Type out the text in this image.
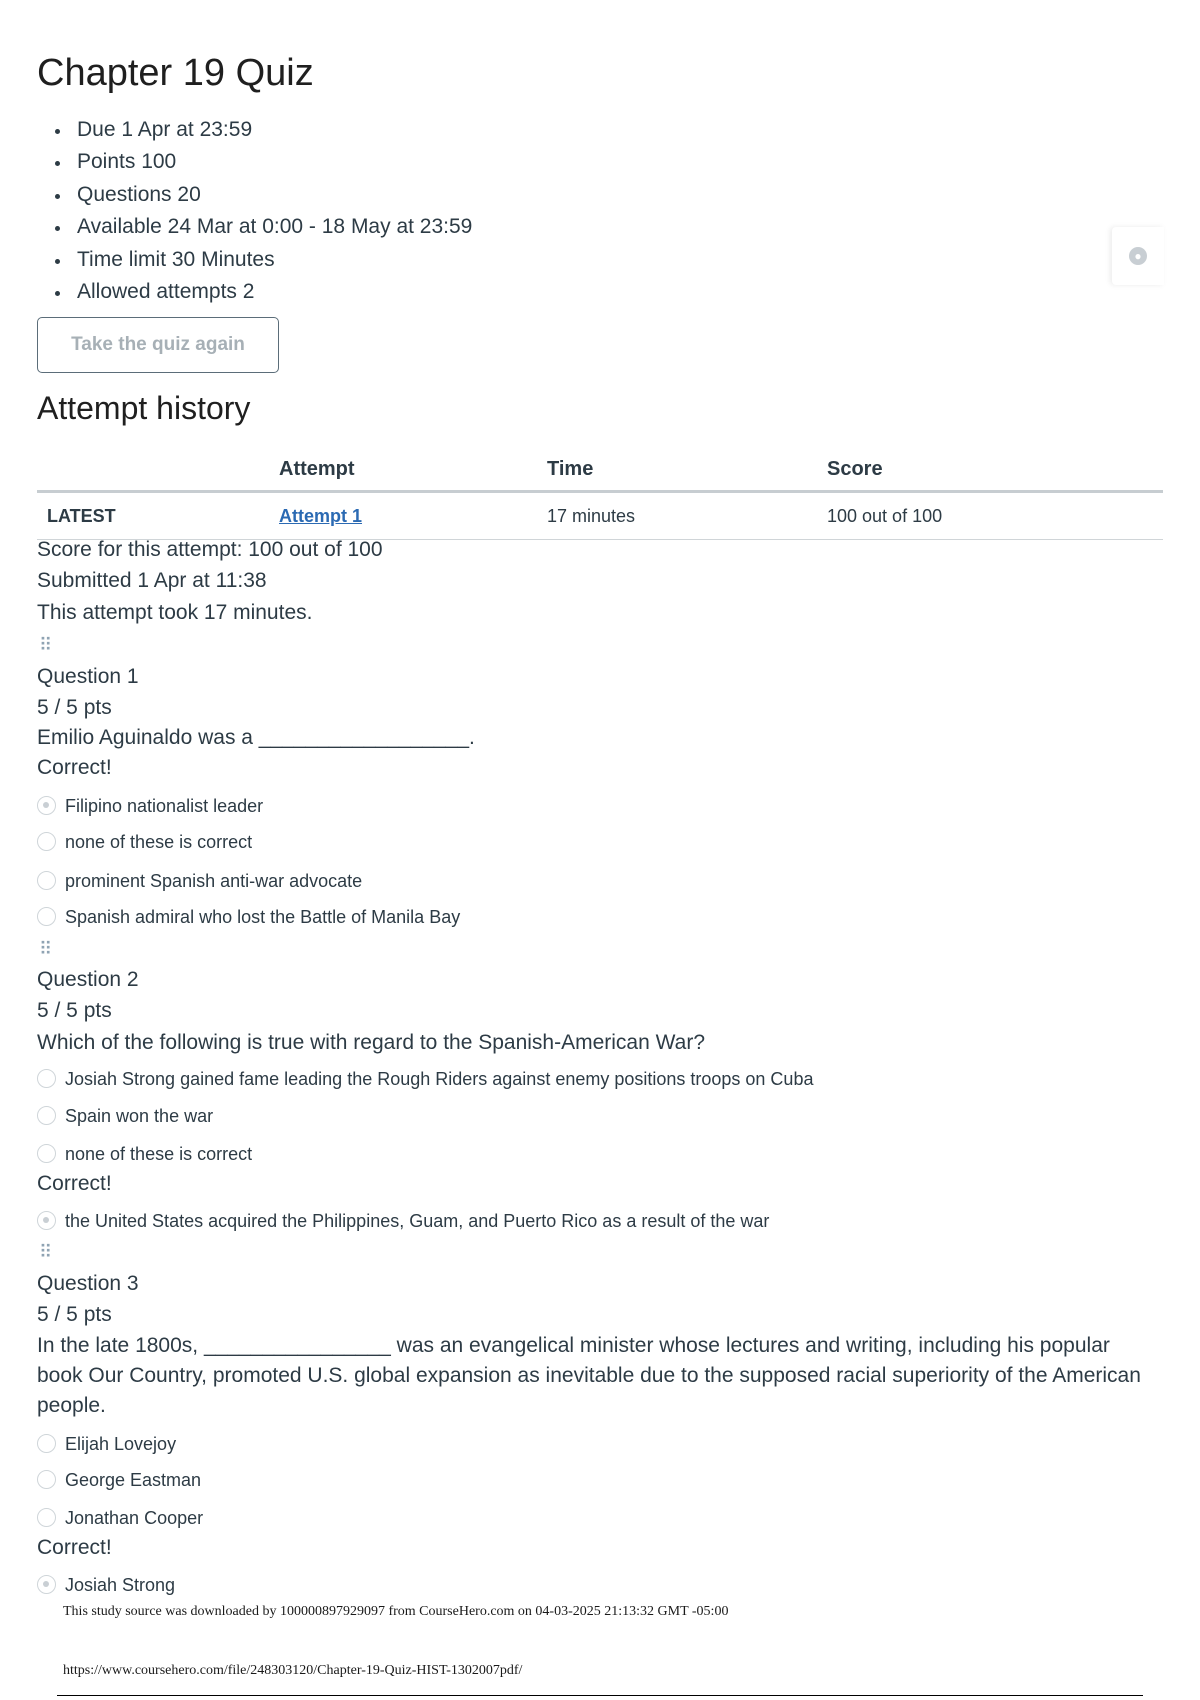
Chapter 19 Quiz
Due 1 Apr at 23:59
Points 100
Questions 20
Available 24 Mar at 0:00 - 18 May at 23:59
Time limit 30 Minutes
Allowed attempts 2
Take the quiz again
Attempt history
	Attempt	Time	Score
LATEST	Attempt 1	17 minutes	100 out of 100
Score for this attempt: 100 out of 100
Submitted 1 Apr at 11:38
This attempt took 17 minutes.
⠿
Question 1
5 / 5 pts
Emilio Aguinaldo was a __________________.
Correct!
Filipino nationalist leader
none of these is correct
prominent Spanish anti-war advocate
Spanish admiral who lost the Battle of Manila Bay
⠿
Question 2
5 / 5 pts
Which of the following is true with regard to the Spanish-American War?
Josiah Strong gained fame leading the Rough Riders against enemy positions troops on Cuba
Spain won the war
none of these is correct
Correct!
the United States acquired the Philippines, Guam, and Puerto Rico as a result of the war
⠿
Question 3
5 / 5 pts
In the late 1800s, ________________ was an evangelical minister whose lectures and writing, including his popular book Our Country, promoted U.S. global expansion as inevitable due to the supposed racial superiority of the American people.
Elijah Lovejoy
George Eastman
Jonathan Cooper
Correct!
Josiah Strong
●
This study source was downloaded by 100000897929097 from CourseHero.com on 04-03-2025 21:13:32 GMT -05:00
https://www.coursehero.com/file/248303120/Chapter-19-Quiz-HIST-1302007pdf/
